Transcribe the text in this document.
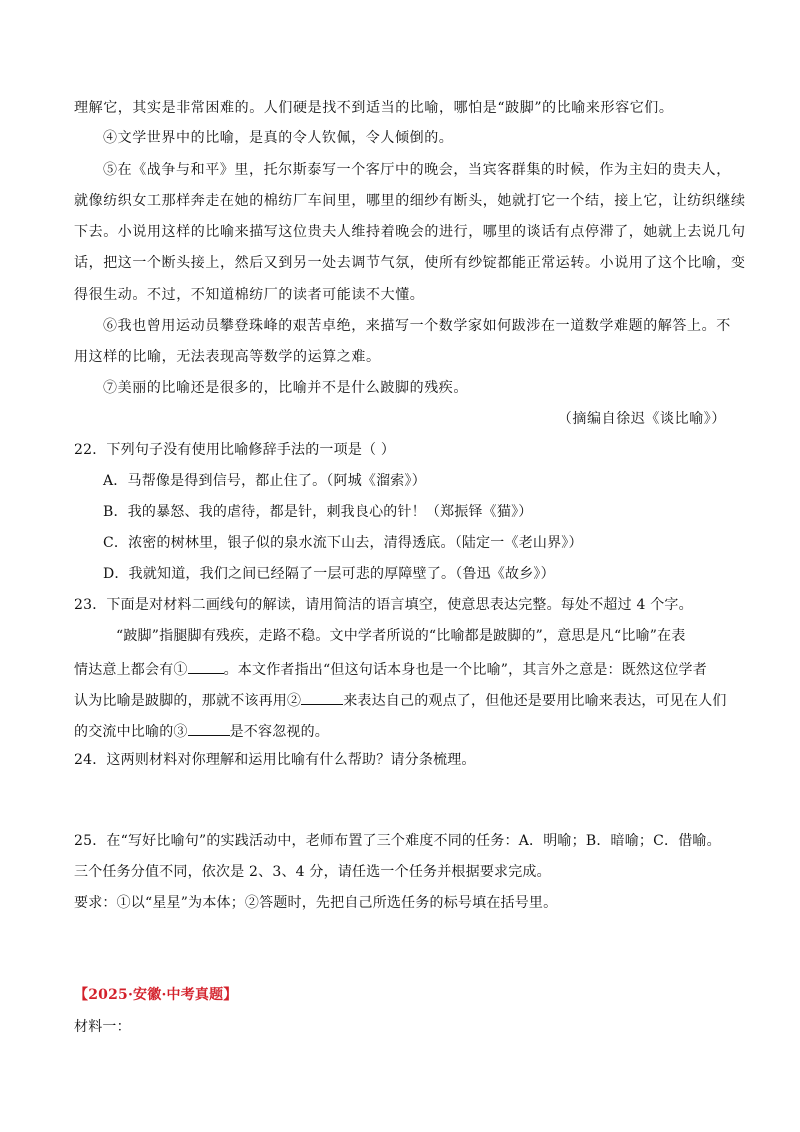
理解它，其实是非常困难的。人们硬是找不到适当的比喻，哪怕是“跛脚”的比喻来形容它们。
④文学世界中的比喻，是真的令人钦佩，令人倾倒的。
⑤在《战争与和平》里，托尔斯泰写一个客厅中的晚会，当宾客群集的时候，作为主妇的贵夫人，
就像纺织女工那样奔走在她的棉纺厂车间里，哪里的细纱有断头，她就打它一个结，接上它，让纺织继续
下去。小说用这样的比喻来描写这位贵夫人维持着晚会的进行，哪里的谈话有点停滞了，她就上去说几句
话，把这一个断头接上，然后又到另一处去调节气氛，使所有纱锭都能正常运转。小说用了这个比喻，变
得很生动。不过，不知道棉纺厂的读者可能读不大懂。
⑥我也曾用运动员攀登珠峰的艰苦卓绝，来描写一个数学家如何跋涉在一道数学难题的解答上。不
用这样的比喻，无法表现高等数学的运算之难。
⑦美丽的比喻还是很多的，比喻并不是什么跛脚的残疾。
（摘编自徐迟《谈比喻》）
22．下列句子没有使用比喻修辞手法的一项是（ ）
A．马帮像是得到信号，都止住了。（阿城《溜索》）
B．我的暴怒、我的虐待，都是针，刺我良心的针！（郑振铎《猫》）
C．浓密的树林里，银子似的泉水流下山去，清得透底。（陆定一《老山界》）
D．我就知道，我们之间已经隔了一层可悲的厚障壁了。（鲁迅《故乡》）
23．下面是对材料二画线句的解读，请用简洁的语言填空，使意思表达完整。每处不超过 4 个字。
“跛脚”指腿脚有残疾，走路不稳。文中学者所说的“比喻都是跛脚的”，意思是凡“比喻”在表
情达意上都会有①	。本文作者指出“但这句话本身也是一个比喻”，其言外之意是：既然这位学者
认为比喻是跛脚的，那就不该再用②	来表达自己的观点了，但他还是要用比喻来表达，可见在人们
的交流中比喻的③	是不容忽视的。
24．这两则材料对你理解和运用比喻有什么帮助？请分条梳理。
25．在“写好比喻句”的实践活动中，老师布置了三个难度不同的任务：A．明喻；B．暗喻；C．借喻。
三个任务分值不同，依次是 2、3、4 分，请任选一个任务并根据要求完成。
要求：①以“星星”为本体；②答题时，先把自己所选任务的标号填在括号里。
【2025·安徽·中考真题】
材料一：
